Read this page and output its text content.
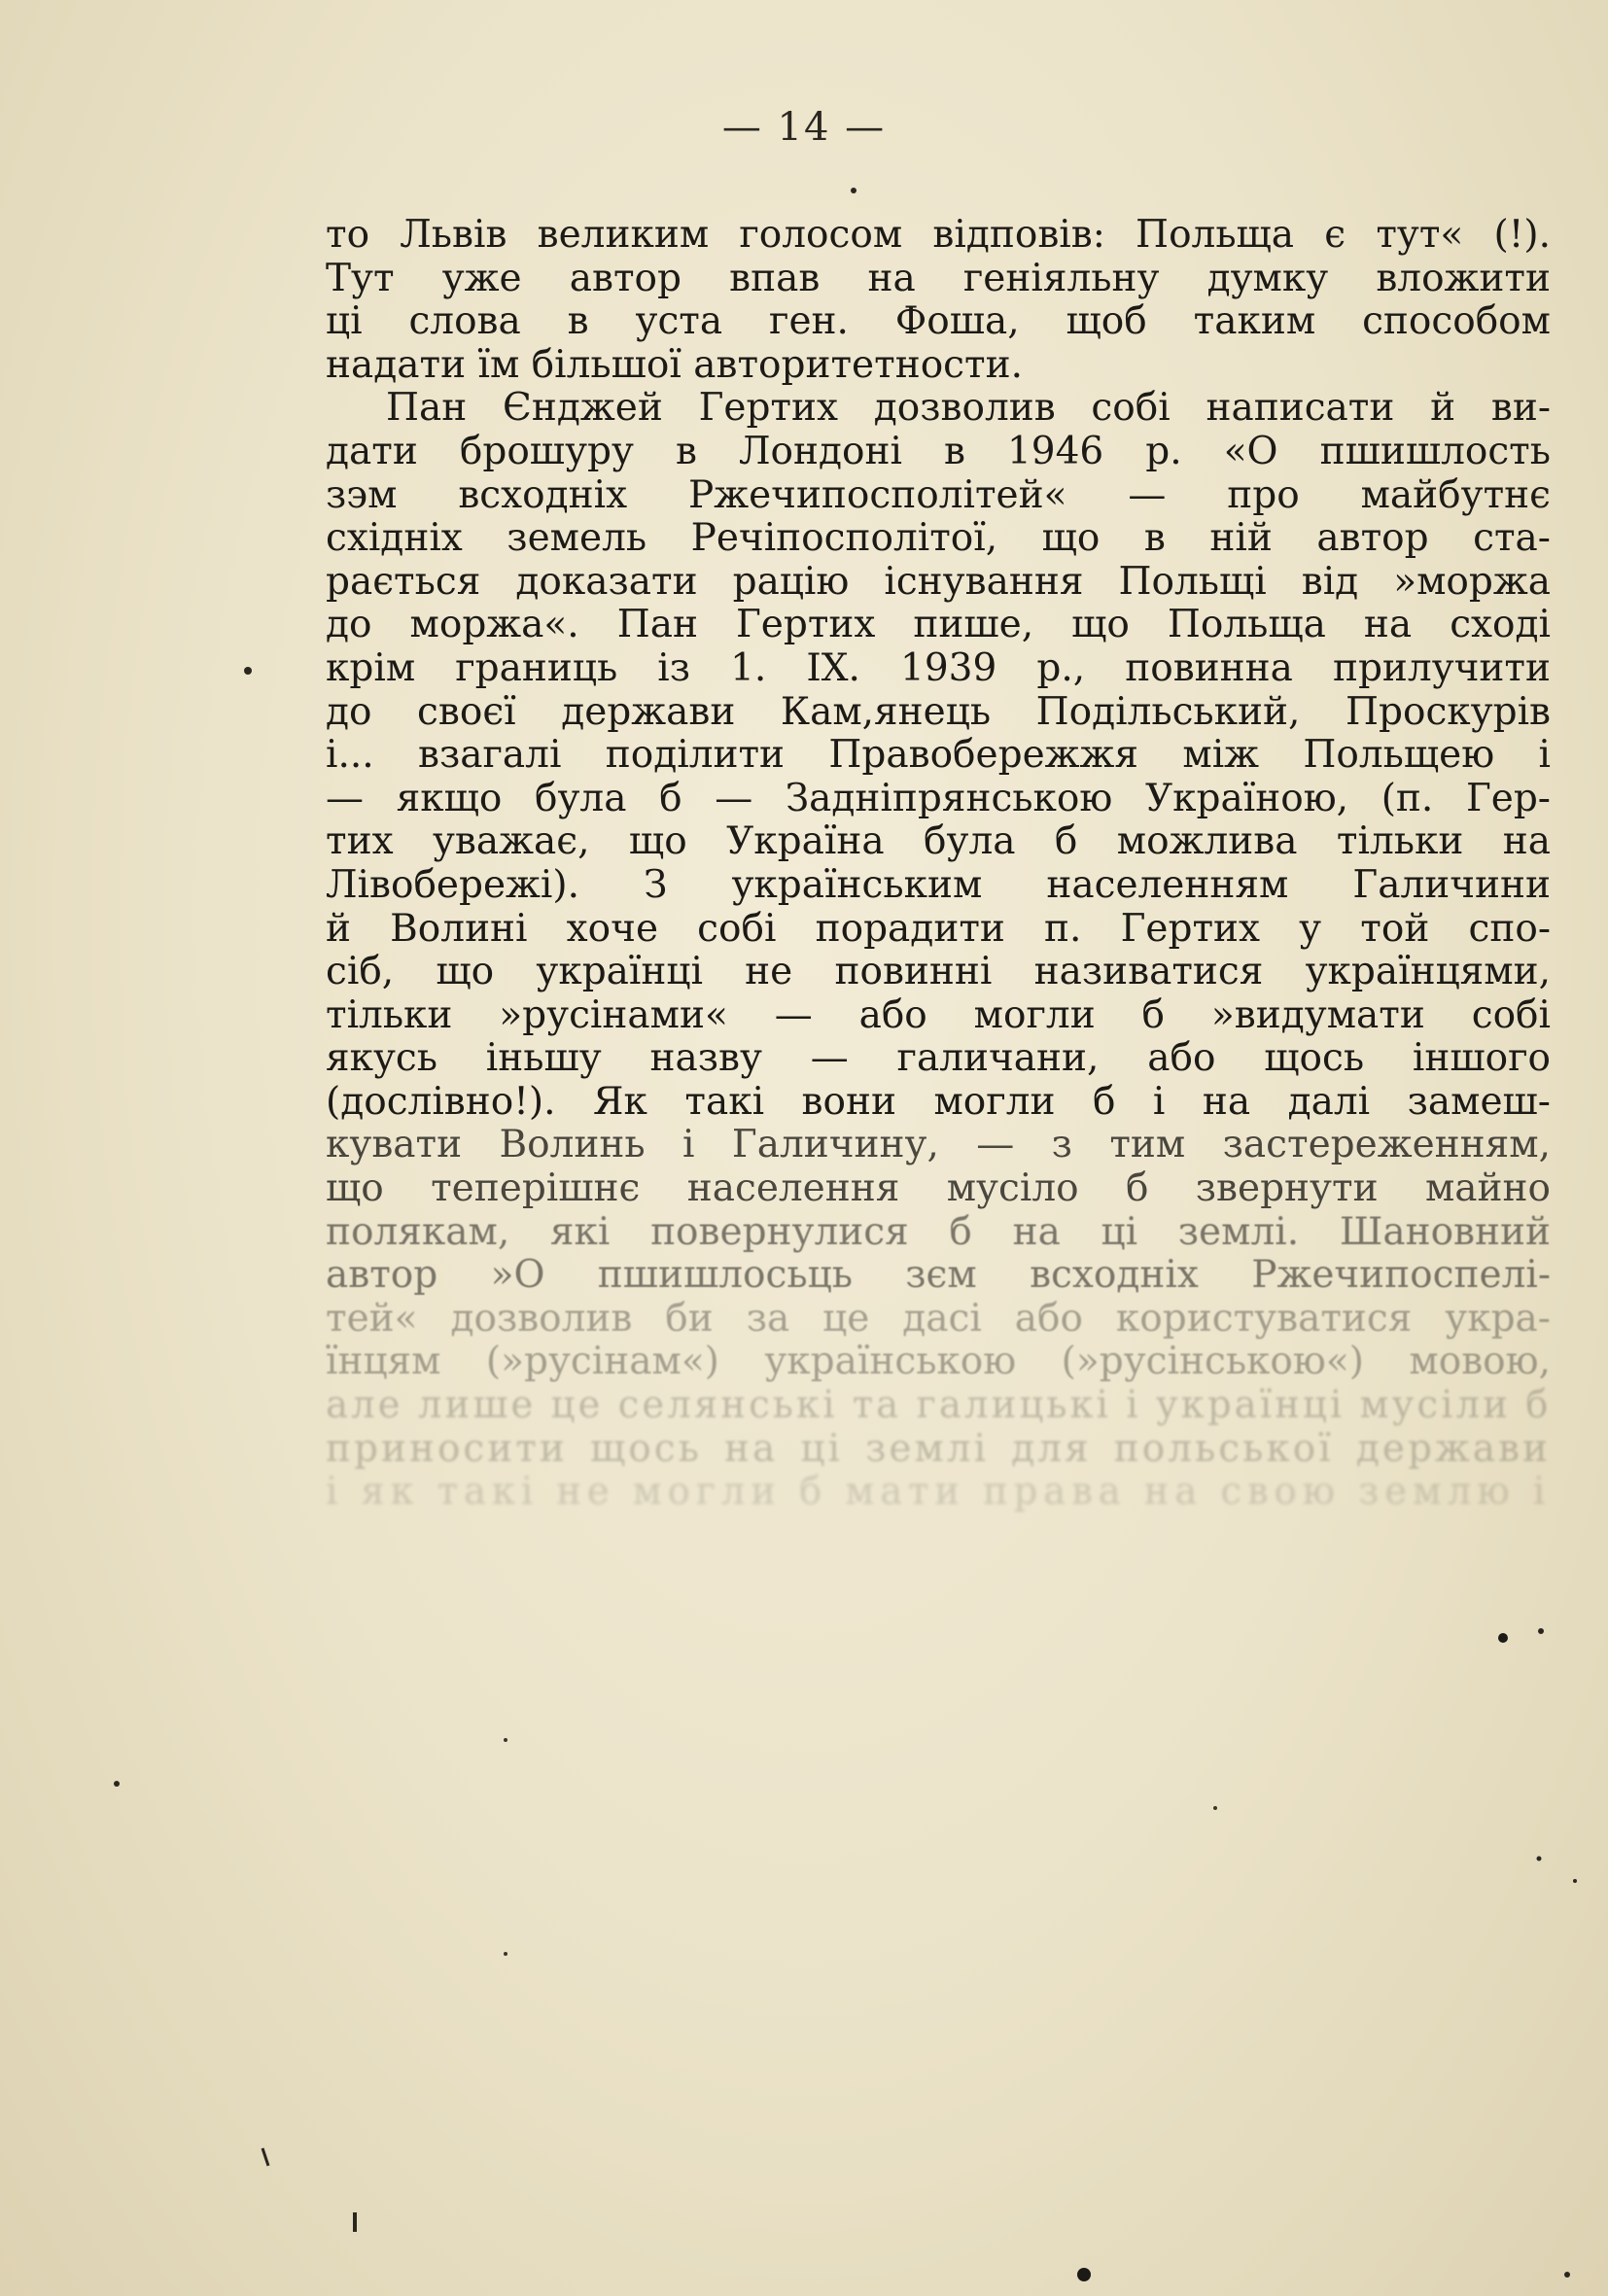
— 14 —
то Львів великим голосом відповів: Польща є тут« (!).
Тут уже автор впав на геніяльну думку вложити
ці слова в уста ген. Фоша, щоб таким способом
надати їм більшої авторитетности.
Пан Єнджей Гертих дозволив собі написати й ви-
дати брошуру в Лондоні в 1946 р. «О пшишлость
зэм всходніх Ржечипосполітей« — про майбутнє
східніх земель Речіпосполітої, що в ній автор ста-
рається доказати рацію існування Польщі від »моржа
до моржа«. Пан Гертих пише, що Польща на сході
крім границь із 1. IX. 1939 р., повинна прилучити
до своєї держави Кам,янець Подільський, Проскурів
і... взагалі поділити Правобережжя між Польщею і
— якщо була б — Задніпрянською Україною, (п. Гер-
тих уважає, що Україна була б можлива тільки на
Лівобережі). З українським населенням Галичини
й Волині хоче собі порадити п. Гертих у той спо-
сіб, що українці не повинні називатися українцями,
тільки »русінами« — або могли б »видумати собі
якусь іньшу назву — галичани, або щось іншого
(дослівно!). Як такі вони могли б і на далі замеш-
кувати Волинь і Галичину, — з тим застереженням,
що теперішнє населення мусіло б звернути майно
полякам, які повернулися б на ці землі. Шановний
автор »О пшишлосьць зєм всходніх Ржечипоспелі-
тей« дозволив би за це дасі або користуватися укра-
їнцям (»русінам«) українською (»русінською«) мовою,
але лише це селянські та галицькі і українці мусіли б
приносити щось на ці землі для польської держави
і як такі не могли б мати права на свою землю і
